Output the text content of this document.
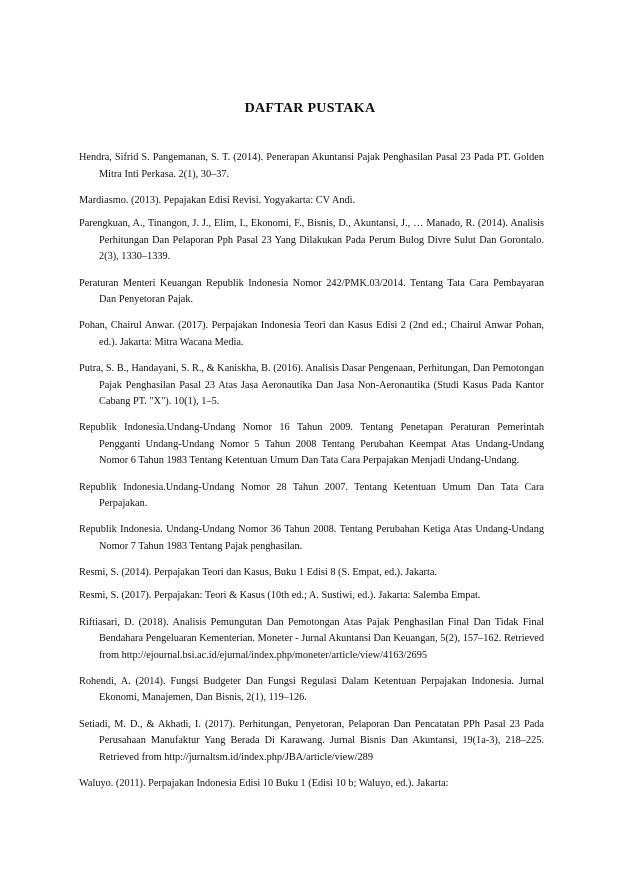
DAFTAR PUSTAKA

Hendra, Sifrid S. Pangemanan, S. T. (2014). Penerapan Akuntansi Pajak Penghasilan Pasal 23 Pada PT. Golden Mitra Inti Perkasa. 2(1), 30–37.

Mardiasmo. (2013). Pepajakan Edisi Revisi. Yogyakarta: CV Andi.

Parengkuan, A., Tinangon, J. J., Elim, I., Ekonomi, F., Bisnis, D., Akuntansi, J., … Manado, R. (2014). Analisis Perhitungan Dan Pelaporan Pph Pasal 23 Yang Dilakukan Pada Perum Bulog Divre Sulut Dan Gorontalo. 2(3), 1330–1339.

Peraturan Menteri Keuangan Republik Indonesia Nomor 242/PMK.03/2014. Tentang Tata Cara Pembayaran Dan Penyetoran Pajak.

Pohan, Chairul Anwar. (2017). Perpajakan Indonesia Teori dan Kasus Edisi 2 (2nd ed.; Chairul Anwar Pohan, ed.). Jakarta: Mitra Wacana Media.

Putra, S. B., Handayani, S. R., & Kaniskha, B. (2016). Analisis Dasar Pengenaan, Perhitungan, Dan Pemotongan Pajak Penghasilan Pasal 23 Atas Jasa Aeronautika Dan Jasa Non-Aeronautika (Studi Kasus Pada Kantor Cabang PT. "X"). 10(1), 1–5.

Republik Indonesia.Undang-Undang Nomor 16 Tahun 2009. Tentang Penetapan Peraturan Pemerintah Pengganti Undang-Undang Nomor 5 Tahun 2008 Tentang Perubahan Keempat Atas Undang-Undang Nomor 6 Tahun 1983 Tentang Ketentuan Umum Dan Tata Cara Perpajakan Menjadi Undang-Undang.

Republik Indonesia.Undang-Undang Nomor 28 Tahun 2007. Tentang Ketentuan Umum Dan Tata Cara Perpajakan.

Republik Indonesia. Undang-Undang Nomor 36 Tahun 2008. Tentang Perubahan Ketiga Atas Undang-Undang Nomor 7 Tahun 1983 Tentang Pajak penghasilan.

Resmi, S. (2014). Perpajakan Teori dan Kasus, Buku 1 Edisi 8 (S. Empat, ed.). Jakarta.

Resmi, S. (2017). Perpajakan: Teori & Kasus (10th ed.; A. Sustiwi, ed.). Jakarta: Salemba Empat.

Riftiasari, D. (2018). Analisis Pemungutan Dan Pemotongan Atas Pajak Penghasilan Final Dan Tidak Final Bendahara Pengeluaran Kementerian. Moneter - Jurnal Akuntansi Dan Keuangan, 5(2), 157–162. Retrieved from http://ejournal.bsi.ac.id/ejurnal/index.php/moneter/article/view/4163/2695

Rohendi, A. (2014). Fungsi Budgeter Dan Fungsi Regulasi Dalam Ketentuan Perpajakan Indonesia. Jurnal Ekonomi, Manajemen, Dan Bisnis, 2(1), 119–126.

Setiadi, M. D., & Akhadi, I. (2017). Perhitungan, Penyetoran, Pelaporan Dan Pencatatan PPh Pasal 23 Pada Perusahaan Manufaktur Yang Berada Di Karawang. Jurnal Bisnis Dan Akuntansi, 19(1a-3), 218–225. Retrieved from http://jurnaltsm.id/index.php/JBA/article/view/289

Waluyo. (2011). Perpajakan Indonesia Edisi 10 Buku 1 (Edisi 10 b; Waluyo, ed.). Jakarta:
